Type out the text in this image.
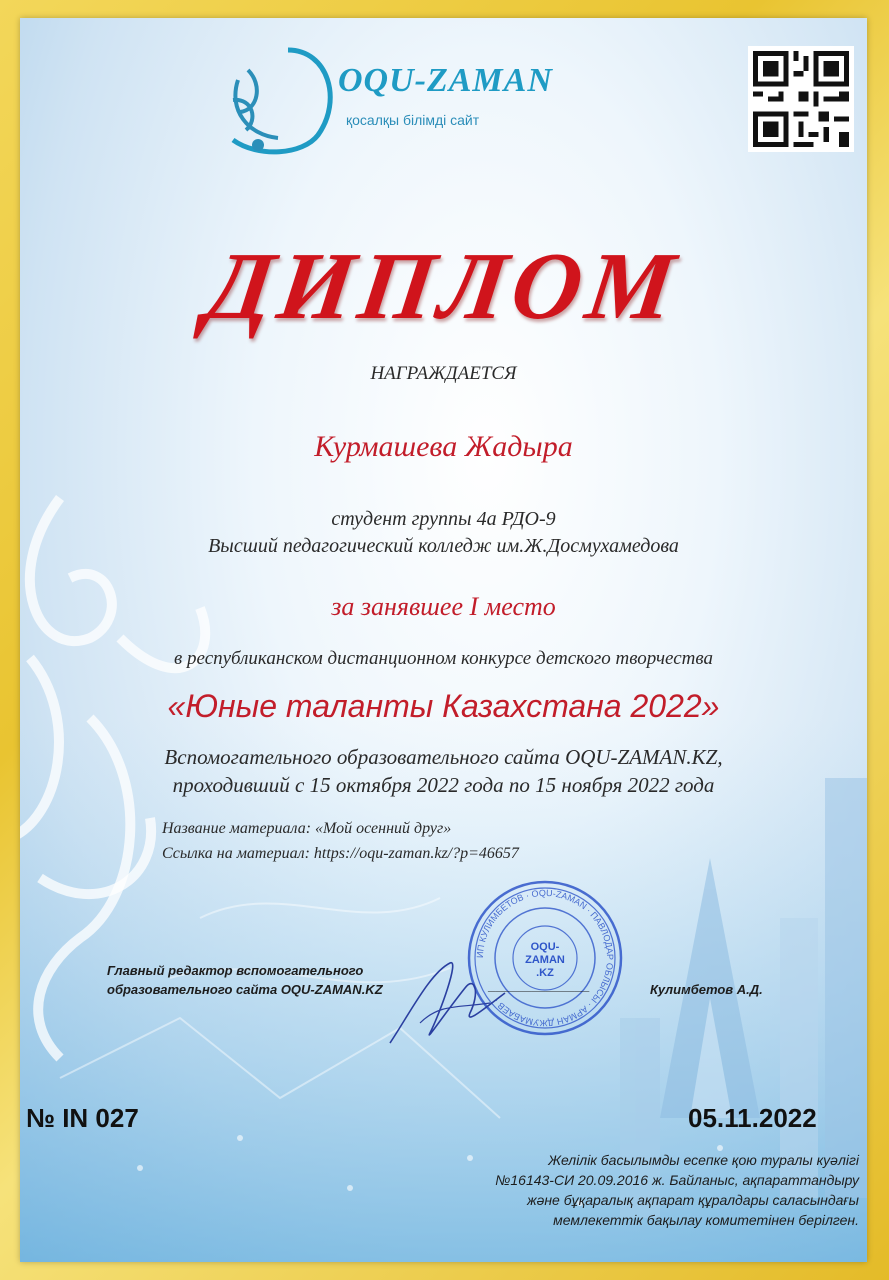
OQU-ZAMAN
қосалқы білімді сайт
ДИПЛОМ
НАГРАЖДАЕТСЯ
Курмашева Жадыра
студент группы 4а РДО-9
Высший педагогический колледж им.Ж.Досмухамедова
за занявшее I место
в республиканском дистанционном конкурсе детского творчества
«Юные таланты Казахстана 2022»
Вспомогательного образовательного сайта OQU-ZAMAN.KZ,
проходивший с 15 октября 2022 года по 15 ноября 2022 года
Название материала: «Мой осенний друг»
Ссылка на материал: https://oqu-zaman.kz/?p=46657
ИП КУЛИМБЕТОВ · OQU-ZAMAN · ПАВЛОДАР ОБЛЫСЫ · АРМАН ДЖУМАБАЕВ ·
OQU-
ZAMAN
.KZ
Главный редактор вспомогательного
образовательного сайта OQU-ZAMAN.KZ	______________	Кулимбетов А.Д.
№ IN 027	05.11.2022
Желілік басылымды есепке қою туралы куәлігі
№16143-СИ 20.09.2016 ж. Байланыс, ақпараттандыру
және бұқаралық ақпарат құралдары саласындағы
мемлекеттік бақылау комитетінен берілген.
